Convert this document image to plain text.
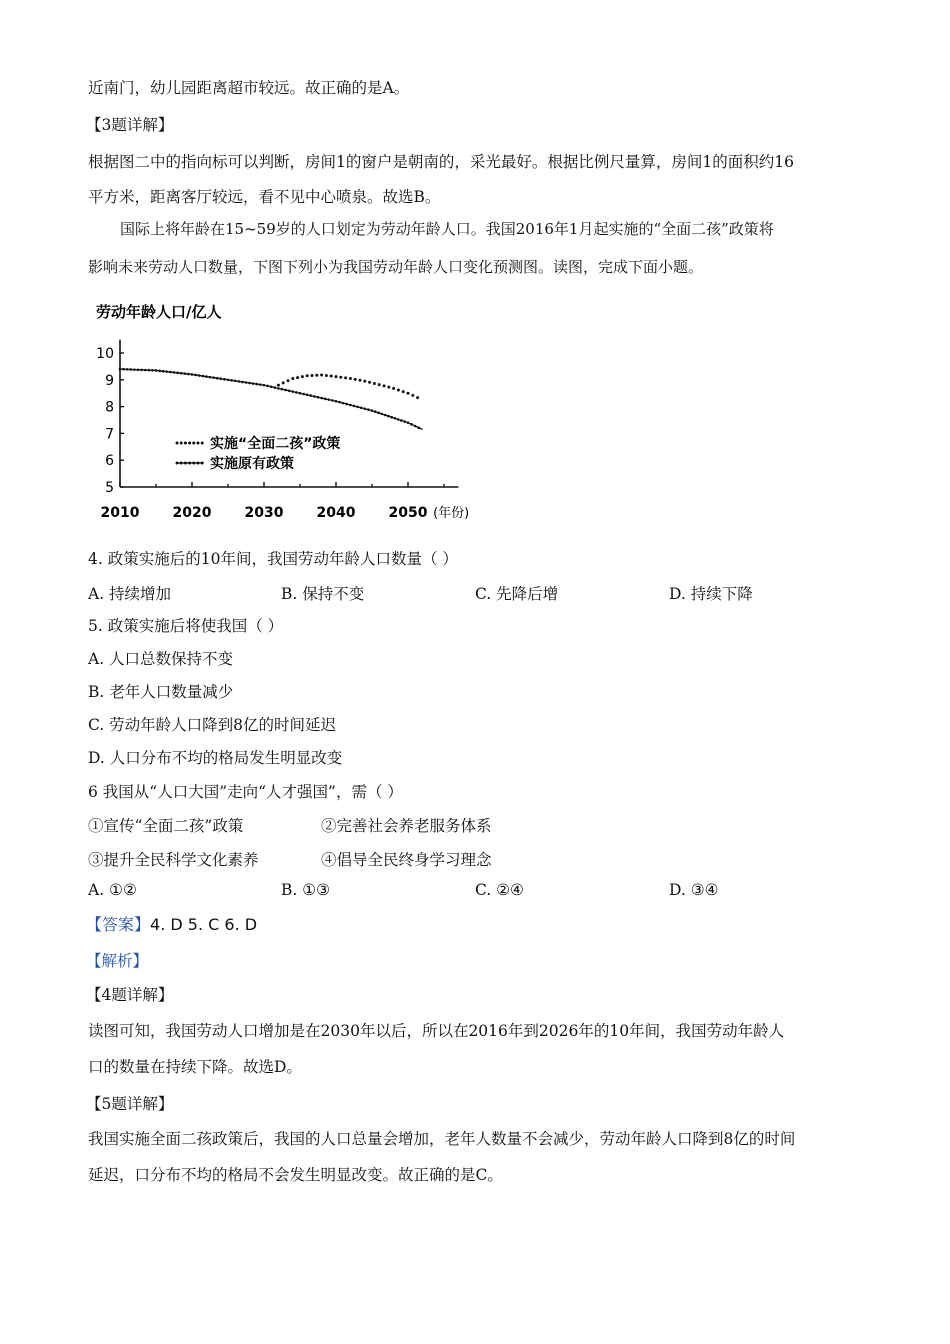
近南门，幼儿园距离超市较远。故正确的是A。
【3题详解】
根据图二中的指向标可以判断，房间1的窗户是朝南的，采光最好。根据比例尺量算，房间1的面积约16
平方米，距离客厅较远，看不见中心喷泉。故选B。
国际上将年龄在15~59岁的人口划定为劳动年龄人口。我国2016年1月起实施的“全面二孩”政策将
影响未来劳动人口数量，下图下列小为我国劳动年龄人口变化预测图。读图，完成下面小题。
劳动年龄人口/亿人
5
6
7
8
9
10
2010 2020 2030 2040 2050 (年份)
实施“全面二孩”政策
实施原有政策
4. 政策实施后的10年间，我国劳动年龄人口数量（ ）
A. 持续增加	B. 保持不变	C. 先降后增	D. 持续下降
5. 政策实施后将使我国（ ）
A. 人口总数保持不变
B. 老年人口数量减少
C. 劳动年龄人口降到8亿的时间延迟
D. 人口分布不均的格局发生明显改变
6 我国从“人口大国”走向“人才强国”，需（ ）
①宣传“全面二孩”政策	②完善社会养老服务体系
③提升全民科学文化素养	④倡导全民终身学习理念
A. ①②	B. ①③	C. ②④	D. ③④
【答案】4. D 5. C 6. D
【解析】
【4题详解】
读图可知，我国劳动人口增加是在2030年以后，所以在2016年到2026年的10年间，我国劳动年龄人
口的数量在持续下降。故选D。
【5题详解】
我国实施全面二孩政策后，我国的人口总量会增加，老年人数量不会减少，劳动年龄人口降到8亿的时间
延迟，口分布不均的格局不会发生明显改变。故正确的是C。
